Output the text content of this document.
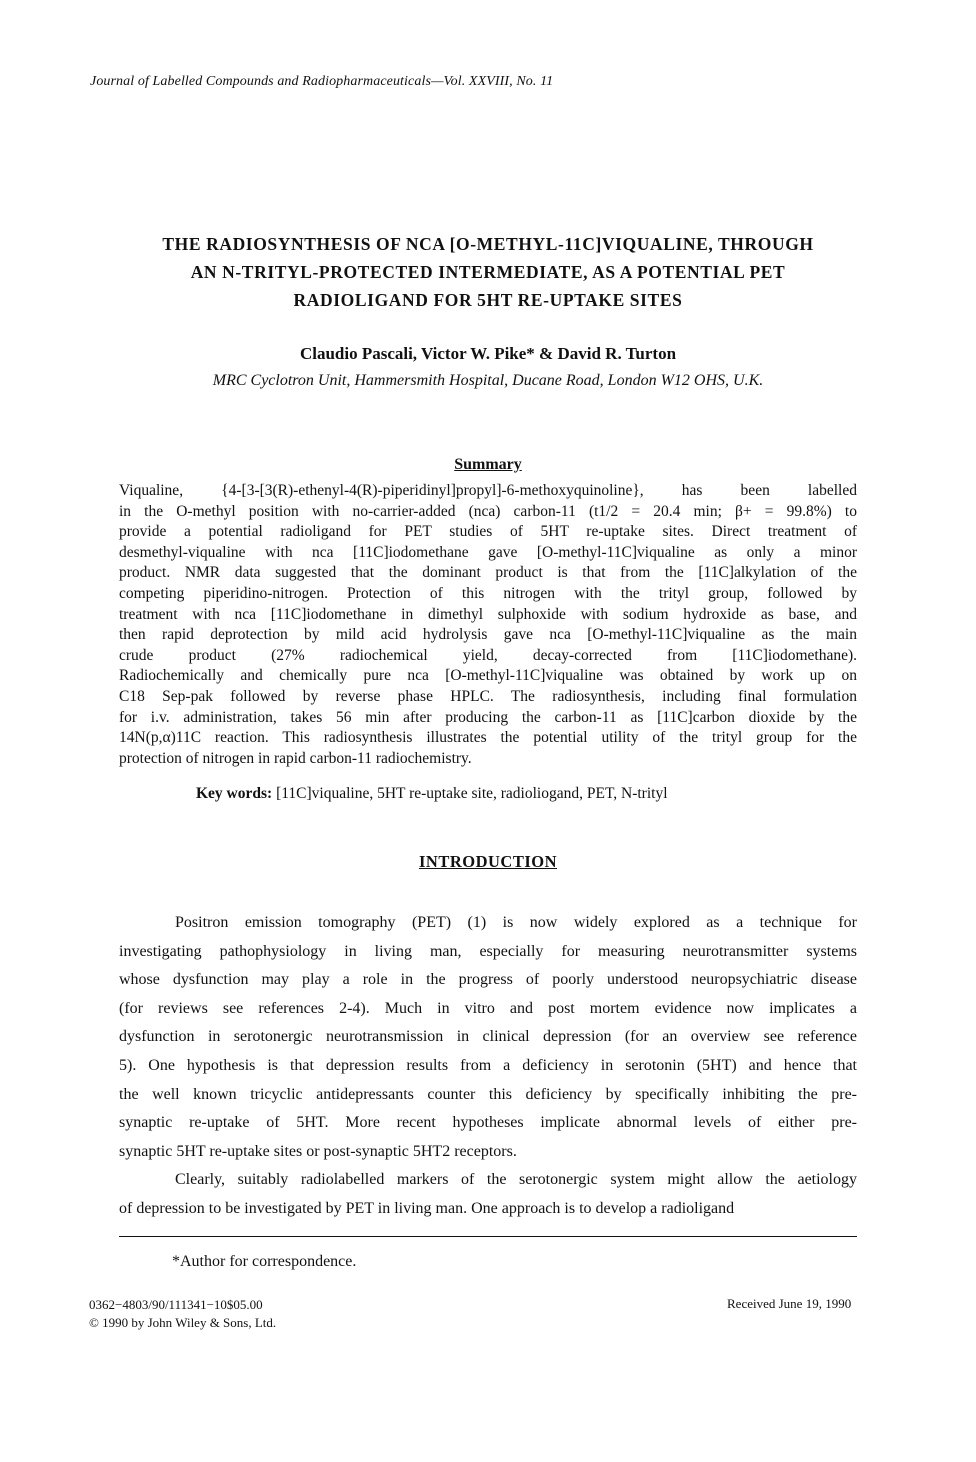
Journal of Labelled Compounds and Radiopharmaceuticals—Vol. XXVIII, No. 11
THE RADIOSYNTHESIS OF NCA [O-METHYL-11C]VIQUALINE, THROUGH
AN N-TRITYL-PROTECTED INTERMEDIATE, AS A POTENTIAL PET
RADIOLIGAND FOR 5HT RE-UPTAKE SITES
Claudio Pascali, Victor W. Pike* & David R. Turton
MRC Cyclotron Unit, Hammersmith Hospital, Ducane Road, London W12 OHS, U.K.
Summary
Viqualine, {4-[3-[3(R)-ethenyl-4(R)-piperidinyl]propyl]-6-methoxyquinoline}, has been labelled
in the O-methyl position with no-carrier-added (nca) carbon-11 (t1/2 = 20.4 min; β+ = 99.8%) to
provide a potential radioligand for PET studies of 5HT re-uptake sites. Direct treatment of
desmethyl-viqualine with nca [11C]iodomethane gave [O-methyl-11C]viqualine as only a minor
product. NMR data suggested that the dominant product is that from the [11C]alkylation of the
competing piperidino-nitrogen. Protection of this nitrogen with the trityl group, followed by
treatment with nca [11C]iodomethane in dimethyl sulphoxide with sodium hydroxide as base, and
then rapid deprotection by mild acid hydrolysis gave nca [O-methyl-11C]viqualine as the main
crude product (27% radiochemical yield, decay-corrected from [11C]iodomethane).
Radiochemically and chemically pure nca [O-methyl-11C]viqualine was obtained by work up on
C18 Sep-pak followed by reverse phase HPLC. The radiosynthesis, including final formulation
for i.v. administration, takes 56 min after producing the carbon-11 as [11C]carbon dioxide by the
14N(p,α)11C reaction. This radiosynthesis illustrates the potential utility of the trityl group for the
protection of nitrogen in rapid carbon-11 radiochemistry.
Key words: [11C]viqualine, 5HT re-uptake site, radioliogand, PET, N-trityl
INTRODUCTION
Positron emission tomography (PET) (1) is now widely explored as a technique for
investigating pathophysiology in living man, especially for measuring neurotransmitter systems
whose dysfunction may play a role in the progress of poorly understood neuropsychiatric disease
(for reviews see references 2-4). Much in vitro and post mortem evidence now implicates a
dysfunction in serotonergic neurotransmission in clinical depression (for an overview see reference
5). One hypothesis is that depression results from a deficiency in serotonin (5HT) and hence that
the well known tricyclic antidepressants counter this deficiency by specifically inhibiting the pre-
synaptic re-uptake of 5HT. More recent hypotheses implicate abnormal levels of either pre-
synaptic 5HT re-uptake sites or post-synaptic 5HT2 receptors.
Clearly, suitably radiolabelled markers of the serotonergic system might allow the aetiology
of depression to be investigated by PET in living man. One approach is to develop a radioligand
*Author for correspondence.
0362−4803/90/111341−10$05.00
© 1990 by John Wiley & Sons, Ltd.
Received June 19, 1990
